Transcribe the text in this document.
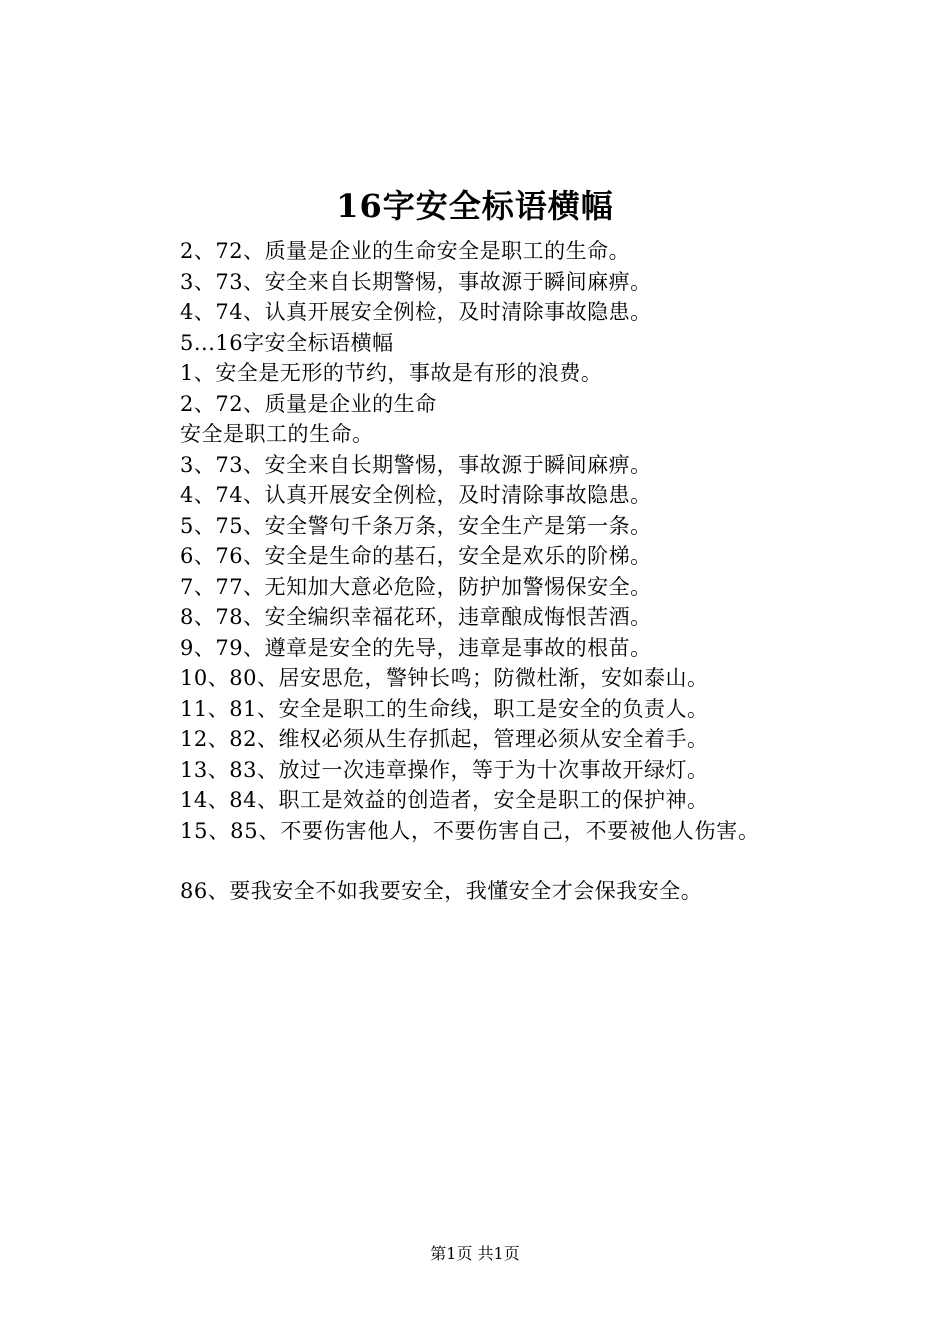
16字安全标语横幅
2、72、质量是企业的生命安全是职工的生命。
3、73、安全来自长期警惕，事故源于瞬间麻痹。
4、74、认真开展安全例检，及时清除事故隐患。
5...16字安全标语横幅
1、安全是无形的节约，事故是有形的浪费。
2、72、质量是企业的生命
安全是职工的生命。
3、73、安全来自长期警惕，事故源于瞬间麻痹。
4、74、认真开展安全例检，及时清除事故隐患。
5、75、安全警句千条万条，安全生产是第一条。
6、76、安全是生命的基石，安全是欢乐的阶梯。
7、77、无知加大意必危险，防护加警惕保安全。
8、78、安全编织幸福花环，违章酿成悔恨苦酒。
9、79、遵章是安全的先导，违章是事故的根苗。
10、80、居安思危，警钟长鸣；防微杜渐，安如泰山。
11、81、安全是职工的生命线，职工是安全的负责人。
12、82、维权必须从生存抓起，管理必须从安全着手。
13、83、放过一次违章操作，等于为十次事故开绿灯。
14、84、职工是效益的创造者，安全是职工的保护神。
15、85、不要伤害他人，不要伤害自己，不要被他人伤害。
86、要我安全不如我要安全，我懂安全才会保我安全。
第1页 共1页
